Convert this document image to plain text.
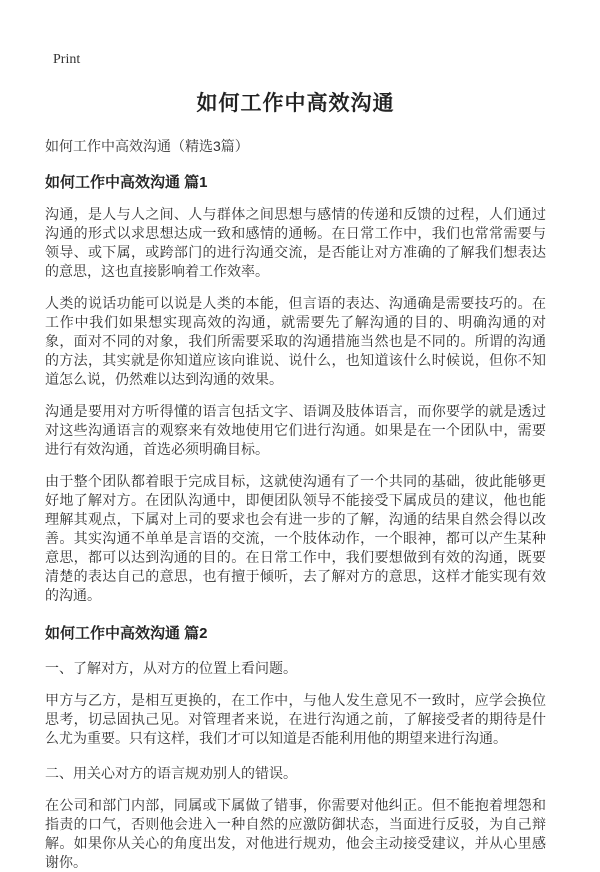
Print
如何工作中高效沟通
如何工作中高效沟通（精选3篇）
如何工作中高效沟通 篇1

沟通，是人与人之间、人与群体之间思想与感情的传递和反馈的过程，人们通过沟通的形式以求思想达成一致和感情的通畅。在日常工作中，我们也常常需要与领导、或下属，或跨部门的进行沟通交流，是否能让对方准确的了解我们想表达的意思，这也直接影响着工作效率。

人类的说话功能可以说是人类的本能，但言语的表达、沟通确是需要技巧的。在工作中我们如果想实现高效的沟通，就需要先了解沟通的目的、明确沟通的对象，面对不同的对象，我们所需要采取的沟通措施当然也是不同的。所谓的沟通的方法，其实就是你知道应该向谁说、说什么，也知道该什么时候说，但你不知道怎么说，仍然难以达到沟通的效果。

沟通是要用对方听得懂的语言包括文字、语调及肢体语言，而你要学的就是透过对这些沟通语言的观察来有效地使用它们进行沟通。如果是在一个团队中，需要进行有效沟通，首选必须明确目标。

由于整个团队都着眼于完成目标，这就使沟通有了一个共同的基础，彼此能够更好地了解对方。在团队沟通中，即便团队领导不能接受下属成员的建议，他也能理解其观点，下属对上司的要求也会有进一步的了解，沟通的结果自然会得以改善。其实沟通不单单是言语的交流，一个肢体动作，一个眼神，都可以产生某种意思，都可以达到沟通的目的。在日常工作中，我们要想做到有效的沟通，既要清楚的表达自己的意思，也有擅于倾听，去了解对方的意思，这样才能实现有效的沟通。

如何工作中高效沟通 篇2

一、了解对方，从对方的位置上看问题。

甲方与乙方，是相互更换的，在工作中，与他人发生意见不一致时，应学会换位思考，切忌固执己见。对管理者来说，在进行沟通之前，了解接受者的期待是什么尤为重要。只有这样，我们才可以知道是否能利用他的期望来进行沟通。

二、用关心对方的语言规劝别人的错误。

在公司和部门内部，同属或下属做了错事，你需要对他纠正。但不能抱着埋怨和指责的口气，否则他会进入一种自然的应激防御状态，当面进行反驳，为自己辩解。如果你从关心的角度出发，对他进行规劝，他会主动接受建议，并从心里感谢你。
